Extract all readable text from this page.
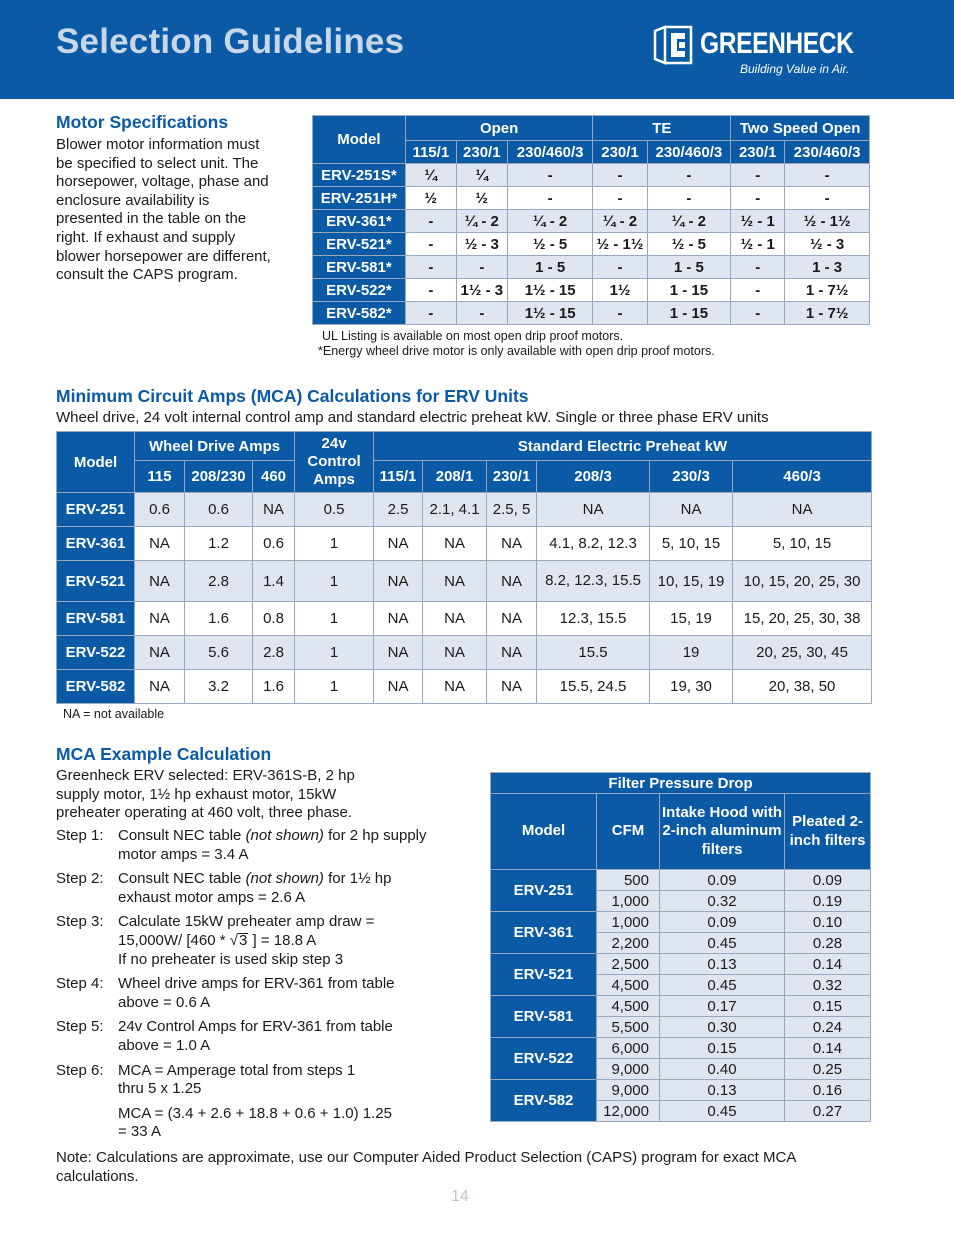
Selection Guidelines	GREENHECK
Building Value in Air.
Motor Specifications
Blower motor information must be specified to select unit. The horsepower, voltage, phase and enclosure availability is presented in the table on the right. If exhaust and supply blower horsepower are different, consult the CAPS program.
Model	Open			TE		Two Speed Open	
	115/1	230/1	230/460/3	230/1	230/460/3	230/1	230/460/3
ERV-251S*	¼	¼	-	-	-	-	-
ERV-251H*	½	½	-	-	-	-	-
ERV-361*	-	¼ - 2	¼ - 2	¼ - 2	¼ - 2	½ - 1	½ - 1½
ERV-521*	-	½ - 3	½ - 5	½ - 1½	½ - 5	½ - 1	½ - 3
ERV-581*	-	-	1 - 5	-	1 - 5	-	1 - 3
ERV-522*	-	1½ - 3	1½ - 15	1½	1 - 15	-	1 - 7½
ERV-582*	-	-	1½ - 15	-	1 - 15	-	1 - 7½
UL Listing is available on most open drip proof motors.
*Energy wheel drive motor is only available with open drip proof motors.
Minimum Circuit Amps (MCA) Calculations for ERV Units
Wheel drive, 24 volt internal control amp and standard electric preheat kW. Single or three phase ERV units
Model	Wheel Drive Amps			24v Control Amps	Standard Electric Preheat kW					
	115	208/230	460		115/1	208/1	230/1	208/3	230/3	460/3
ERV-251	0.6	0.6	NA	0.5	2.5	2.1, 4.1	2.5, 5	NA	NA	NA
ERV-361	NA	1.2	0.6	1	NA	NA	NA	4.1, 8.2, 12.3	5, 10, 15	5, 10, 15
ERV-521	NA	2.8	1.4	1	NA	NA	NA	8.2, 12.3, 15.5	10, 15, 19	10, 15, 20, 25, 30
ERV-581	NA	1.6	0.8	1	NA	NA	NA	12.3, 15.5	15, 19	15, 20, 25, 30, 38
ERV-522	NA	5.6	2.8	1	NA	NA	NA	15.5	19	20, 25, 30, 45
ERV-582	NA	3.2	1.6	1	NA	NA	NA	15.5, 24.5	19, 30	20, 38, 50
NA = not available
MCA Example Calculation
Greenheck ERV selected: ERV-361S-B, 2 hp supply motor, 1½ hp exhaust motor, 15kW preheater operating at 460 volt, three phase.
Step 1: Consult NEC table (not shown) for 2 hp supply motor amps = 3.4 A
Step 2: Consult NEC table (not shown) for 1½ hp exhaust motor amps = 2.6 A
Step 3: Calculate 15kW preheater amp draw =
15,000W/ [460 * √3 ] = 18.8 A
If no preheater is used skip step 3
Step 4: Wheel drive amps for ERV-361 from table above = 0.6 A
Step 5: 24v Control Amps for ERV-361 from table above = 1.0 A
Step 6: MCA = Amperage total from steps 1 thru 5 x 1.25
MCA = (3.4 + 2.6 + 18.8 + 0.6 + 1.0) 1.25 = 33 A
Filter Pressure Drop			
Model	CFM	Intake Hood with 2-inch aluminum filters	Pleated 2-inch filters
ERV-251	500	0.09	0.09
	1,000	0.32	0.19
ERV-361	1,000	0.09	0.10
	2,200	0.45	0.28
ERV-521	2,500	0.13	0.14
	4,500	0.45	0.32
ERV-581	4,500	0.17	0.15
	5,500	0.30	0.24
ERV-522	6,000	0.15	0.14
	9,000	0.40	0.25
ERV-582	9,000	0.13	0.16
	12,000	0.45	0.27
Note: Calculations are approximate, use our Computer Aided Product Selection (CAPS) program for exact MCA calculations.
14
